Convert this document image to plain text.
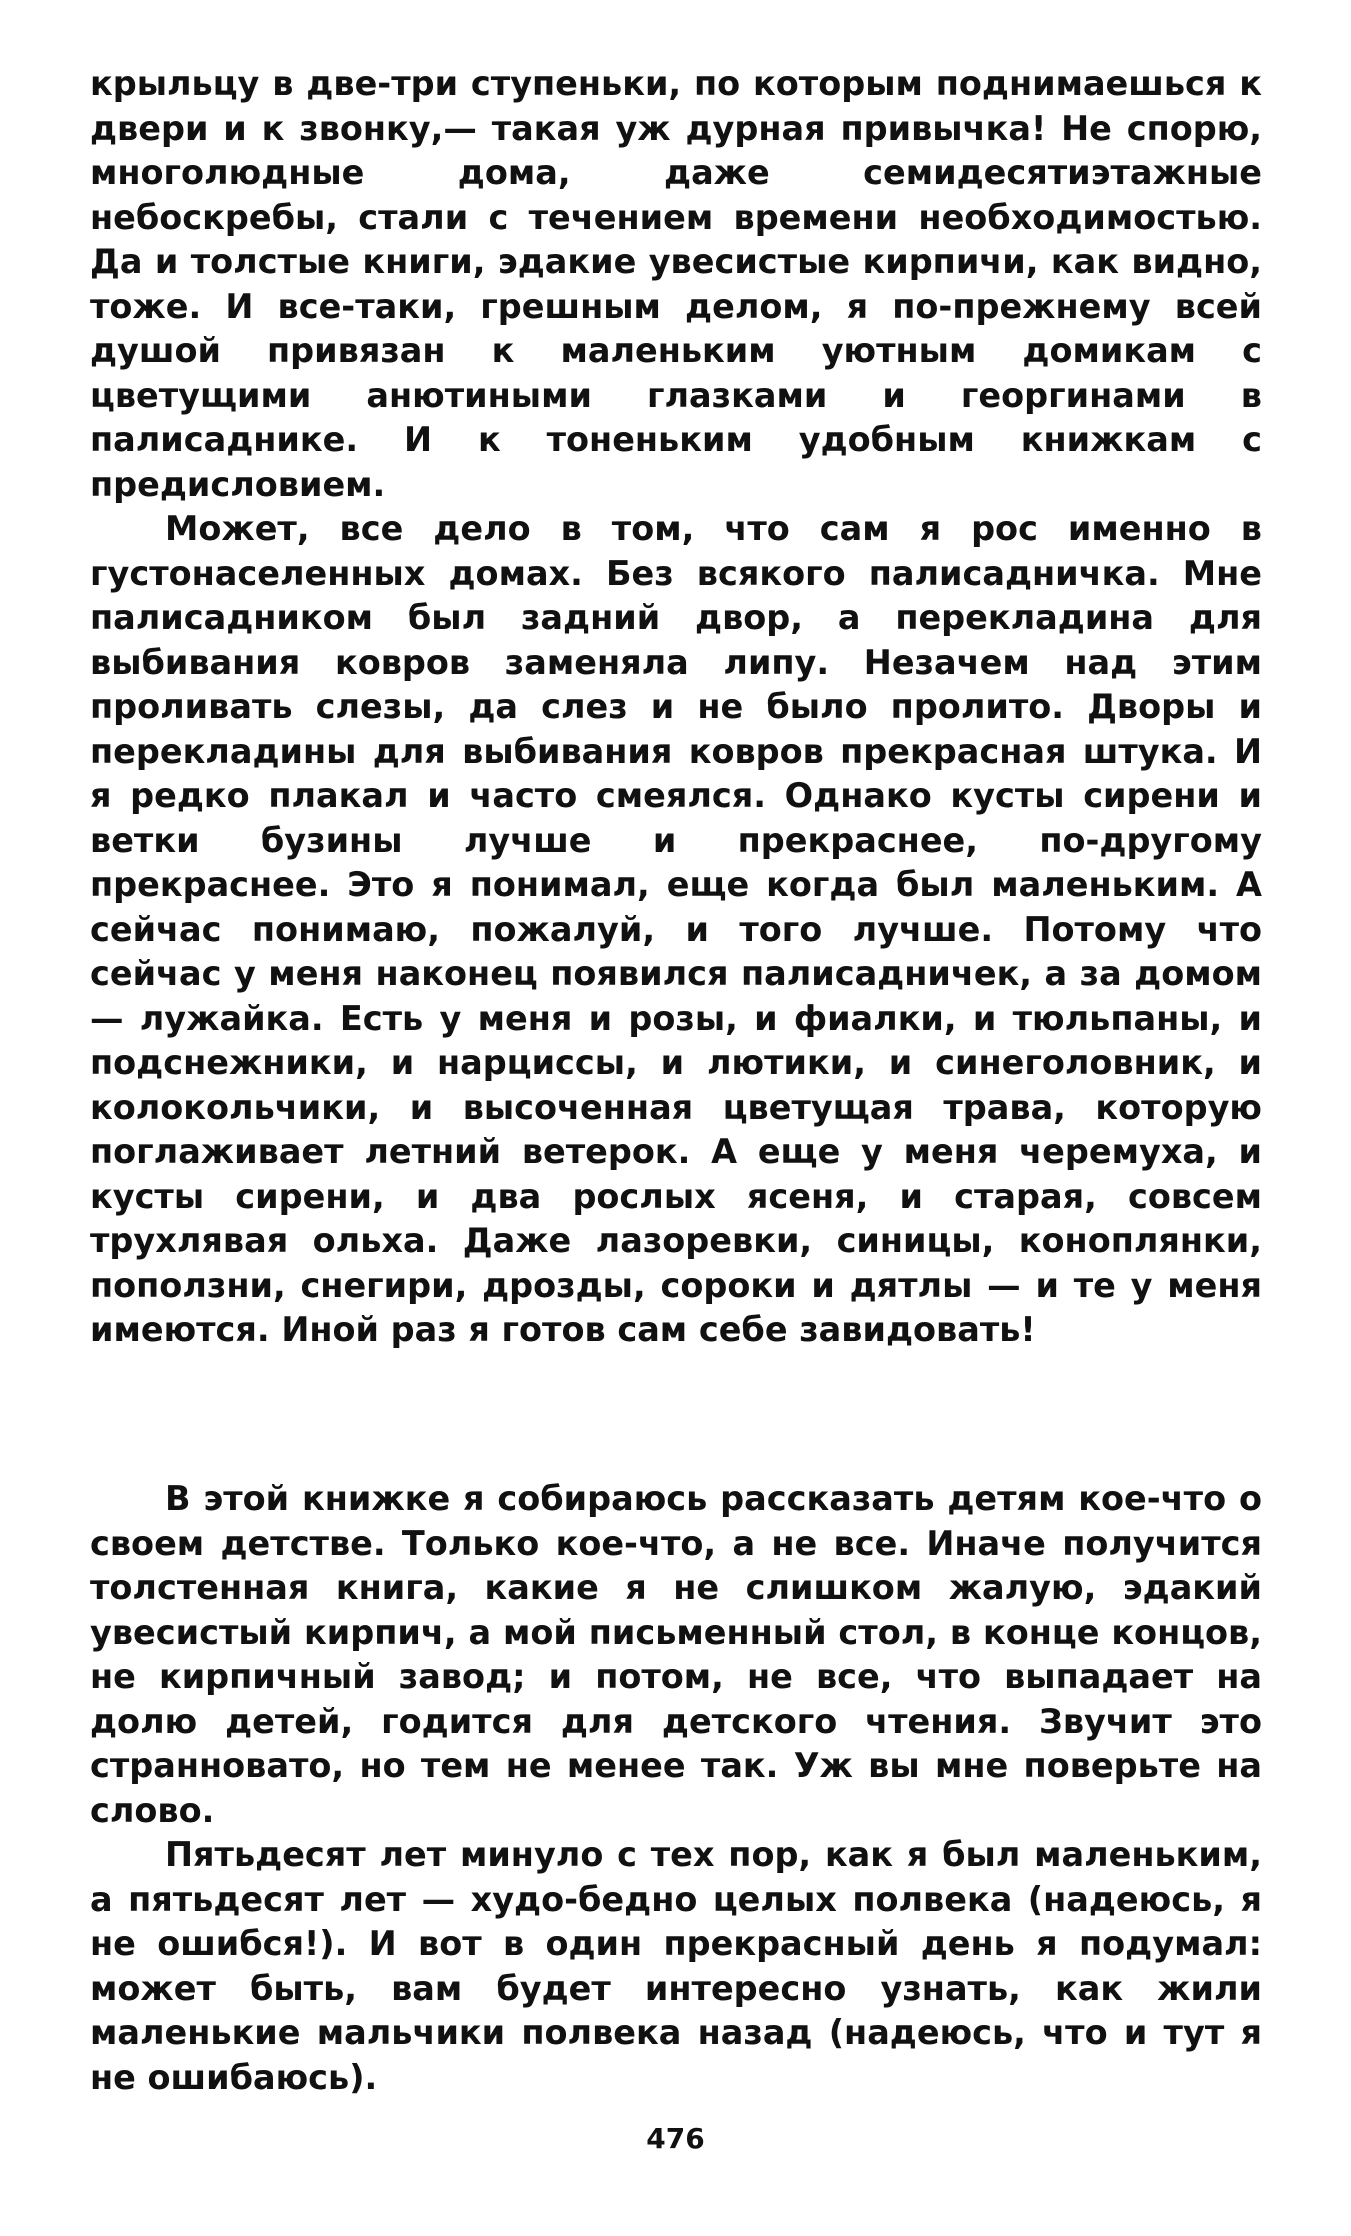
крыльцу в две-три ступеньки, по которым поднимаешься к двери и к звонку,— такая уж дурная привычка! Не спорю, многолюдные дома, даже семидесятиэтажные небоскребы, стали с течением времени необходимостью. Да и толстые книги, эдакие увесистые кирпичи, как видно, тоже. И все-таки, грешным делом, я по-прежнему всей душой привязан к маленьким уютным домикам с цветущими анютиными глазками и георгинами в палисаднике. И к тоненьким удобным книжкам с предисловием.

Может, все дело в том, что сам я рос именно в густонаселенных домах. Без всякого палисадничка. Мне палисадником был задний двор, а перекладина для выбивания ковров заменяла липу. Незачем над этим проливать слезы, да слез и не было пролито. Дворы и перекладины для выбивания ковров прекрасная штука. И я редко плакал и часто смеялся. Однако кусты сирени и ветки бузины лучше и прекраснее, по-другому прекраснее. Это я понимал, еще когда был маленьким. А сейчас понимаю, пожалуй, и того лучше. Потому что сейчас у меня наконец появился палисадничек, а за домом — лужайка. Есть у меня и розы, и фиалки, и тюльпаны, и подснежники, и нарциссы, и лютики, и синеголовник, и колокольчики, и высоченная цветущая трава, которую поглаживает летний ветерок. А еще у меня черемуха, и кусты сирени, и два рослых ясеня, и старая, совсем трухлявая ольха. Даже лазоревки, синицы, коноплянки, поползни, снегири, дрозды, сороки и дятлы — и те у меня имеются. Иной раз я готов сам себе завидовать!

В этой книжке я собираюсь рассказать детям кое-что о своем детстве. Только кое-что, а не все. Иначе получится толстенная книга, какие я не слишком жалую, эдакий увесистый кирпич, а мой письменный стол, в конце концов, не кирпичный завод; и потом, не все, что выпадает на долю детей, годится для детского чтения. Звучит это странновато, но тем не менее так. Уж вы мне поверьте на слово.

Пятьдесят лет минуло с тех пор, как я был маленьким, а пятьдесят лет — худо-бедно целых полвека (надеюсь, я не ошибся!). И вот в один прекрасный день я подумал: может быть, вам будет интересно узнать, как жили маленькие мальчики полвека назад (надеюсь, что и тут я не ошибаюсь).

476
